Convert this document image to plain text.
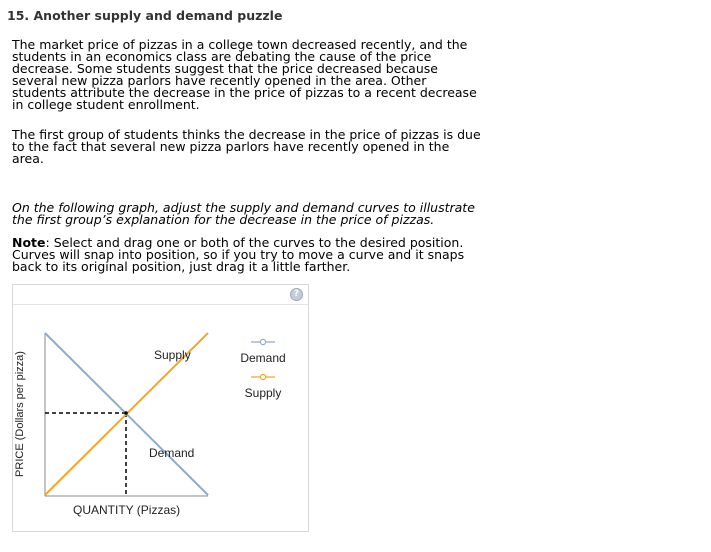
15. Another supply and demand puzzle
The market price of pizzas in a college town decreased recently, and the students in an economics class are debating the cause of the price decrease. Some students suggest that the price decreased because several new pizza parlors have recently opened in the area. Other students attribute the decrease in the price of pizzas to a recent decrease in college student enrollment.
The first group of students thinks the decrease in the price of pizzas is due to the fact that several new pizza parlors have recently opened in the area.
On the following graph, adjust the supply and demand curves to illustrate the first group’s explanation for the decrease in the price of pizzas.
Note: Select and drag one or both of the curves to the desired position. Curves will snap into position, so if you try to move a curve and it snaps back to its original position, just drag it a little farther.
?
Supply
Demand
QUANTITY (Pizzas)
PRICE (Dollars per pizza)	Demand
Supply
